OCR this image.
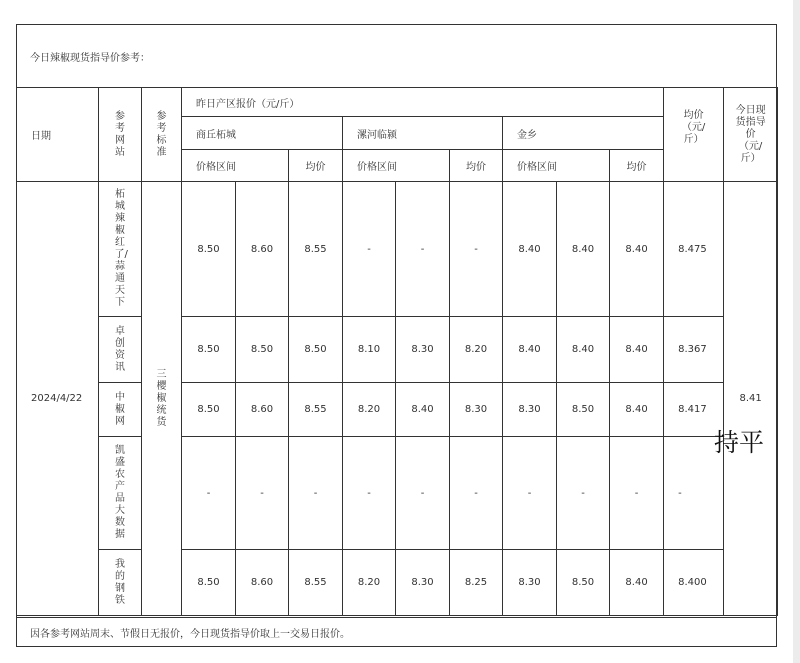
今日辣椒现货指导价参考：
日期	参考网站	参考标准	昨日产区报价（元/斤）									均价（元/斤）	今日现货指导价（元/斤）
			商丘柘城			漯河临颍			金乡				
			价格区间		均价	价格区间		均价	价格区间		均价		
2024/4/22	柘城辣椒红了/蒜通天下	三樱椒统货	8.50	8.60	8.55	-	-	-	8.40	8.40	8.40	8.475	8.41
	卓创资讯		8.50	8.50	8.50	8.10	8.30	8.20	8.40	8.40	8.40	8.367	
	中椒网		8.50	8.60	8.55	8.20	8.40	8.30	8.30	8.50	8.40	8.417	
	凯盛农产品大数据		-	-	-	-	-	-	-	-	-	-	
	我的钢铁		8.50	8.60	8.55	8.20	8.30	8.25	8.30	8.50	8.40	8.400	
持平
因各参考网站周末、节假日无报价，今日现货指导价取上一交易日报价。
